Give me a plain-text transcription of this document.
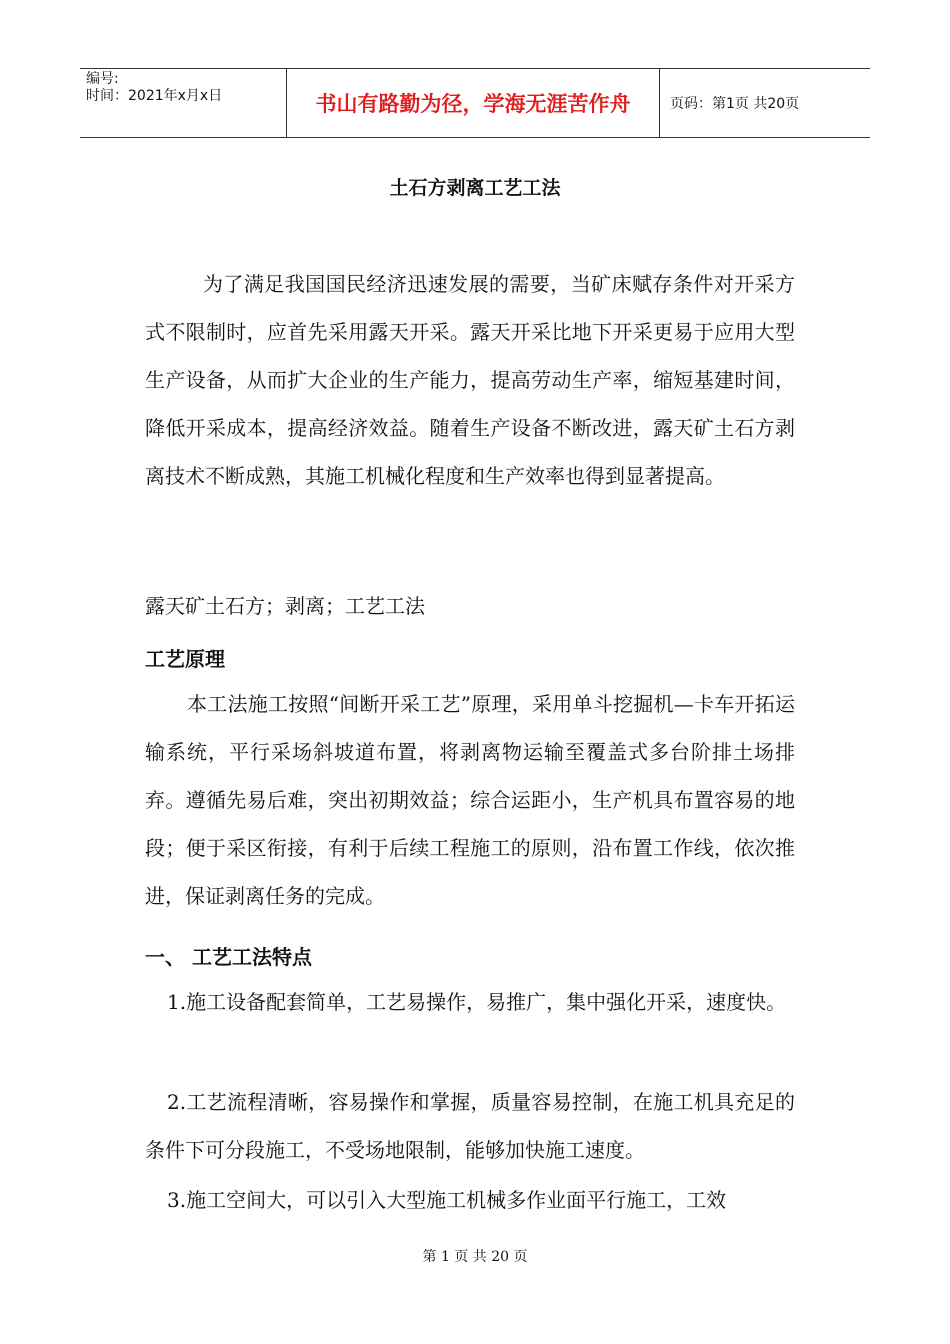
编号:
时间：2021年x月x日	书山有路勤为径，学海无涯苦作舟	页码：第1页 共20页
土石方剥离工艺工法

为了满足我国国民经济迅速发展的需要，当矿床赋存条件对开采方式不限制时，应首先采用露天开采。露天开采比地下开采更易于应用大型生产设备，从而扩大企业的生产能力，提高劳动生产率，缩短基建时间，降低开采成本，提高经济效益。随着生产设备不断改进，露天矿土石方剥离技术不断成熟，其施工机械化程度和生产效率也得到显著提高。

露天矿土石方；剥离；工艺工法

工艺原理

本工法施工按照“间断开采工艺”原理，采用单斗挖掘机—卡车开拓运输系统，平行采场斜坡道布置，将剥离物运输至覆盖式多台阶排土场排弃。遵循先易后难，突出初期效益；综合运距小，生产机具布置容易的地段；便于采区衔接，有利于后续工程施工的原则，沿布置工作线，依次推进，保证剥离任务的完成。

一、 工艺工法特点

1.施工设备配套简单，工艺易操作，易推广，集中强化开采，速度快。

2.工艺流程清晰，容易操作和掌握，质量容易控制，在施工机具充足的条件下可分段施工，不受场地限制，能够加快施工速度。

3.施工空间大，可以引入大型施工机械多作业面平行施工，工效

第 1 页 共 20 页
